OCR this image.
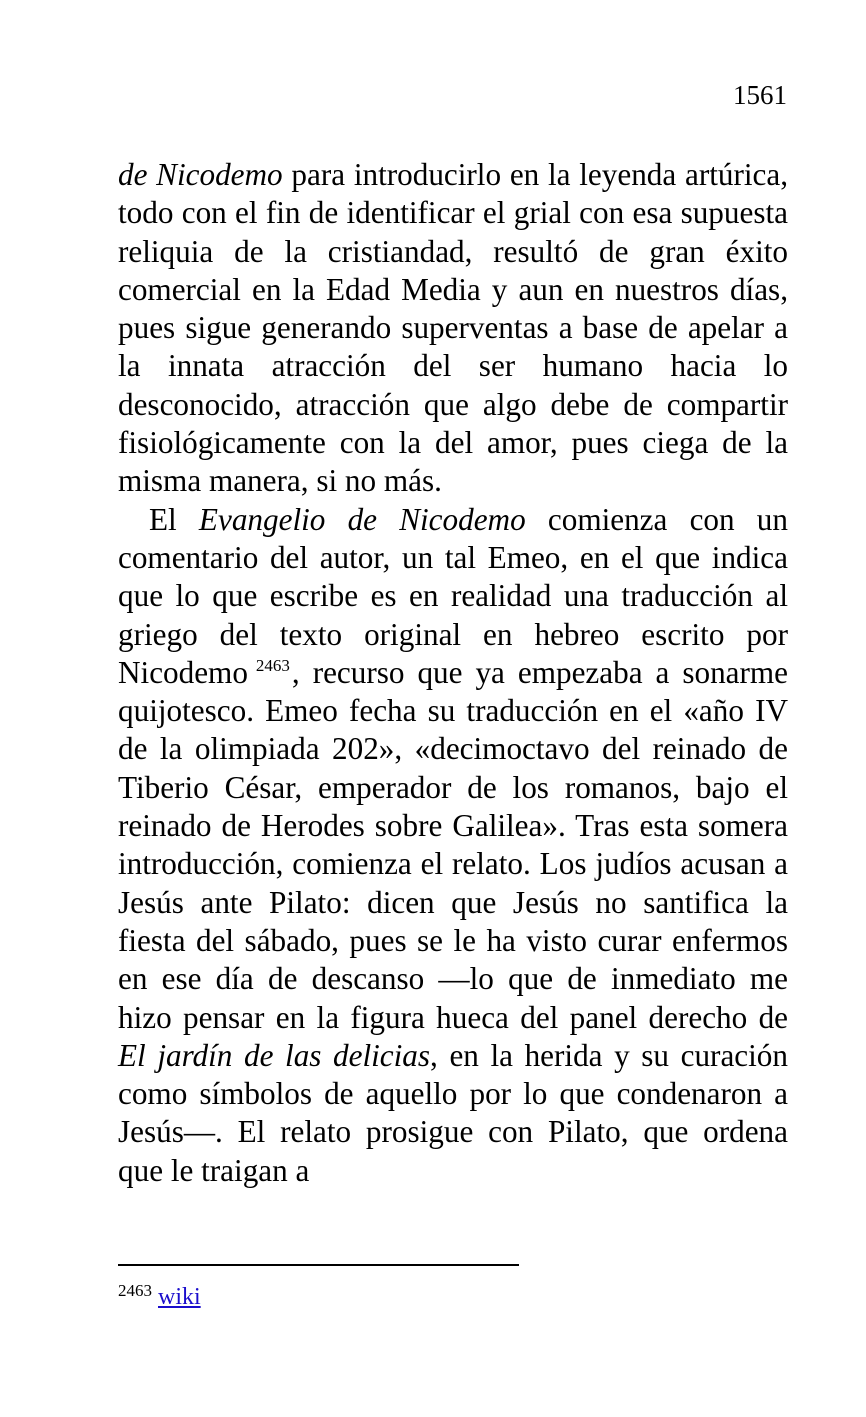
1561

de Nicodemo para introducirlo en la leyenda artúrica, todo con el fin de identificar el grial con esa supuesta reliquia de la cristiandad, resultó de gran éxito comercial en la Edad Media y aun en nuestros días, pues sigue generando superventas a base de apelar a la innata atracción del ser humano hacia lo desconocido, atracción que algo debe de compartir fisiológicamente con la del amor, pues ciega de la misma manera, si no más.

El Evangelio de Nicodemo comienza con un comentario del autor, un tal Emeo, en el que indica que lo que escribe es en realidad una traducción al griego del texto original en hebreo escrito por Nicodemo $^{2463}$, recurso que ya empezaba a sonarme quijotesco. Emeo fecha su traducción en el «año IV de la olimpiada 202», «decimoctavo del reinado de Tiberio César, emperador de los romanos, bajo el reinado de Herodes sobre Galilea». Tras esta somera introducción, comienza el relato. Los judíos acusan a Jesús ante Pilato: dicen que Jesús no santifica la fiesta del sábado, pues se le ha visto curar enfermos en ese día de descanso —lo que de inmediato me hizo pensar en la figura hueca del panel derecho de El jardín de las delicias, en la herida y su curación como símbolos de aquello por lo que condenaron a Jesús—. El relato prosigue con Pilato, que ordena que le traigan a

$^{2463}$ wiki
